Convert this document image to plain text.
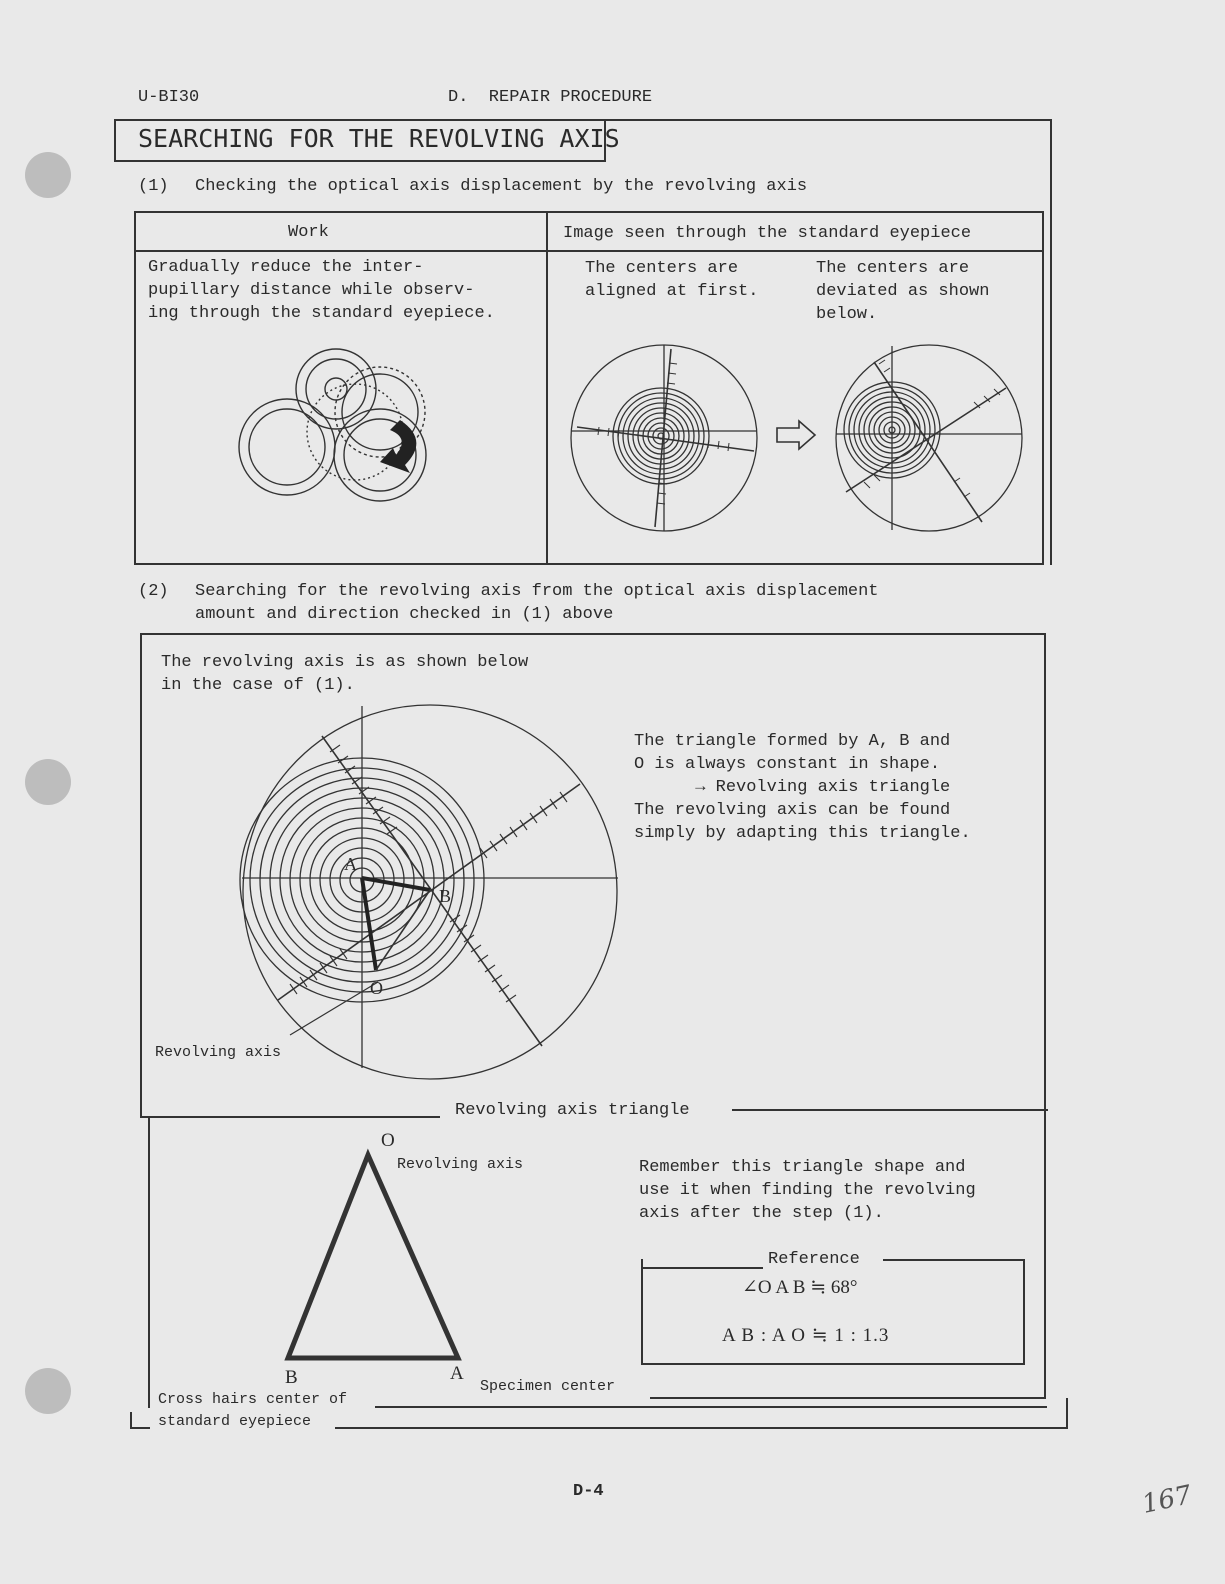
U-BI30	D.  REPAIR PROCEDURE
SEARCHING FOR THE REVOLVING AXIS
(1) Checking the optical axis displacement by the revolving axis
Work	Image seen through the standard eyepiece
Gradually reduce the inter-
pupillary distance while observ-
ing through the standard eyepiece.
The centers are
aligned at first.
The centers are
deviated as shown
below.
(2) Searching for the revolving axis from the optical axis displacement
amount and direction checked in (1) above
The revolving axis is as shown below
in the case of (1).
The triangle formed by A, B and
O is always constant in shape.
→ Revolving axis triangle
The revolving axis can be found
simply by adapting this triangle.
A
B
O
Revolving axis
Revolving axis triangle
O
Revolving axis
B	A
Specimen center
Cross hairs center of
standard eyepiece
Remember this triangle shape and
use it when finding the revolving
axis after the step (1).
Reference
∠O A B ≒ 68°
A B : A O ≒ 1 : 1.3
D-4	167
